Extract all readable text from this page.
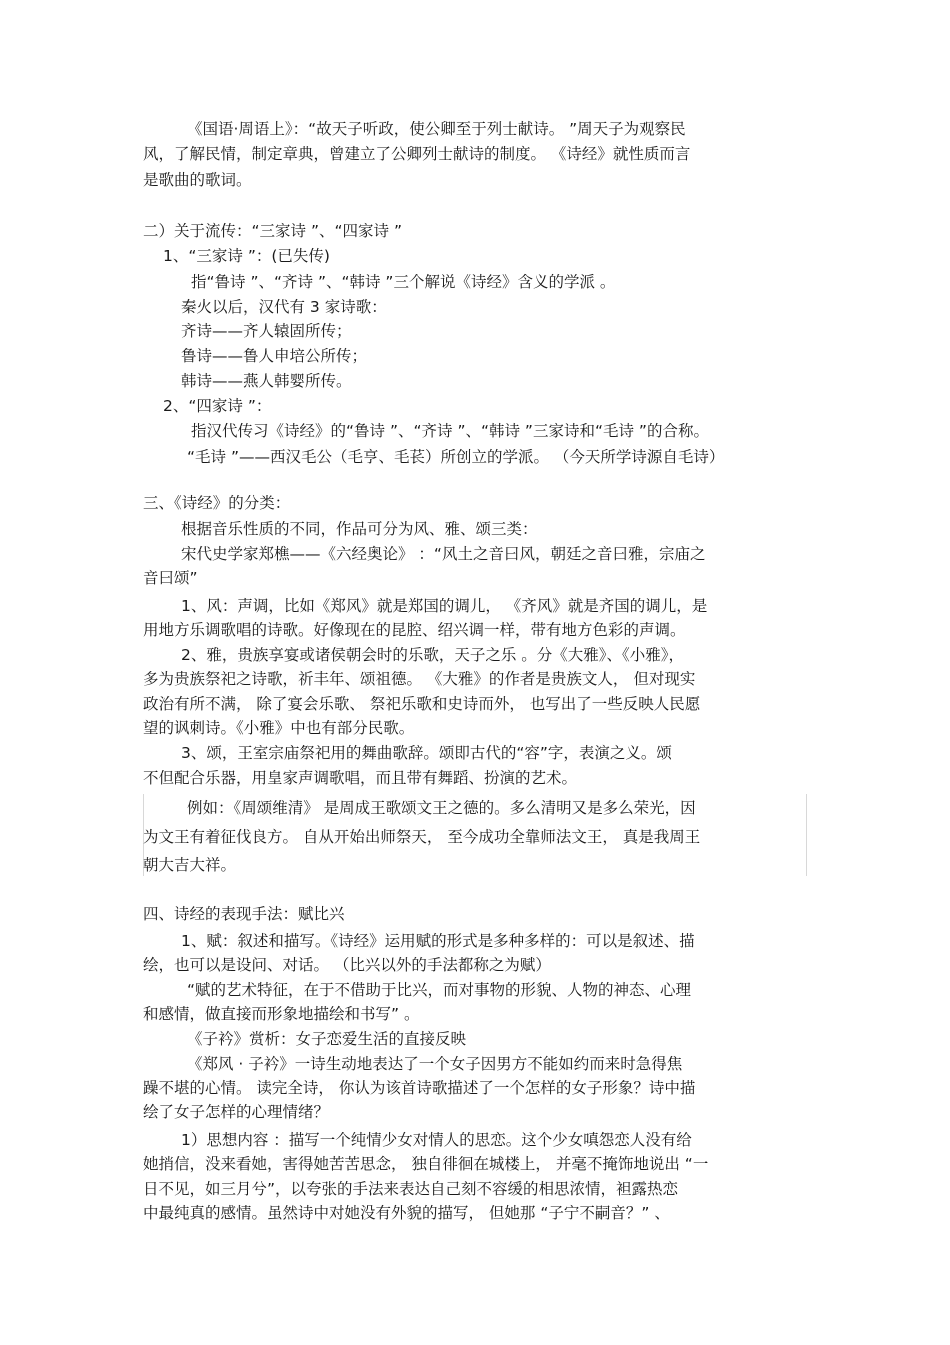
《国语·周语上》：“故天子听政，使公卿至于列士献诗。 ”周天子为观察民
风，了解民情，制定章典，曾建立了公卿列士献诗的制度。 《诗经》就性质而言
是歌曲的歌词。
二）关于流传：“三家诗 ”、“四家诗 ”
1、“三家诗 ”：(已失传)
指“鲁诗 ”、“齐诗 ”、“韩诗 ”三个解说《诗经》含义的学派 。
秦火以后，汉代有 3 家诗歌：
齐诗——齐人辕固所传；
鲁诗——鲁人申培公所传；
韩诗——燕人韩婴所传。
2、“四家诗 ”：
指汉代传习《诗经》的“鲁诗 ”、“齐诗 ”、“韩诗 ”三家诗和“毛诗 ”的合称。
“毛诗 ”——西汉毛公（毛亨、毛苌）所创立的学派。 （今天所学诗源自毛诗）
三、《诗经》的分类：
根据音乐性质的不同，作品可分为风、雅、颂三类：
宋代史学家郑樵——《六经奥论》 ：“风土之音曰风，朝廷之音曰雅，宗庙之
音曰颂”
1、风：声调，比如《郑风》就是郑国的调儿， 《齐风》就是齐国的调儿，是
用地方乐调歌唱的诗歌。好像现在的昆腔、绍兴调一样，带有地方色彩的声调。
2、雅，贵族享宴或诸侯朝会时的乐歌，天子之乐 。分《大雅》、《小雅》，
多为贵族祭祀之诗歌，祈丰年、颂祖德。 《大雅》的作者是贵族文人， 但对现实
政治有所不满， 除了宴会乐歌、 祭祀乐歌和史诗而外， 也写出了一些反映人民愿
望的讽刺诗。《小雅》中也有部分民歌。
3、颂，王室宗庙祭祀用的舞曲歌辞。颂即古代的“容”字，表演之义。颂
不但配合乐器，用皇家声调歌唱，而且带有舞蹈、扮演的艺术。
例如：《周颂维清》 是周成王歌颂文王之德的。多么清明又是多么荣光，因
为文王有着征伐良方。 自从开始出师祭天， 至今成功全靠师法文王， 真是我周王
朝大吉大祥。
四、诗经的表现手法：赋比兴
1、赋：叙述和描写。《诗经》运用赋的形式是多种多样的：可以是叙述、描
绘，也可以是设问、对话。 （比兴以外的手法都称之为赋）
“赋的艺术特征，在于不借助于比兴，而对事物的形貌、人物的神态、心理
和感情，做直接而形象地描绘和书写” 。
《子衿》赏析：女子恋爱生活的直接反映
《郑风 · 子衿》一诗生动地表达了一个女子因男方不能如约而来时急得焦
躁不堪的心情。 读完全诗， 你认为该首诗歌描述了一个怎样的女子形象？诗中描
绘了女子怎样的心理情绪？
1）思想内容 ：描写一个纯情少女对情人的思恋。这个少女嗔怨恋人没有给
她捎信，没来看她，害得她苦苦思念， 独自徘徊在城楼上， 并毫不掩饰地说出 “一
日不见，如三月兮”，以夸张的手法来表达自己刻不容缓的相思浓情，袒露热恋
中最纯真的感情。虽然诗中对她没有外貌的描写， 但她那 “子宁不嗣音？” 、
